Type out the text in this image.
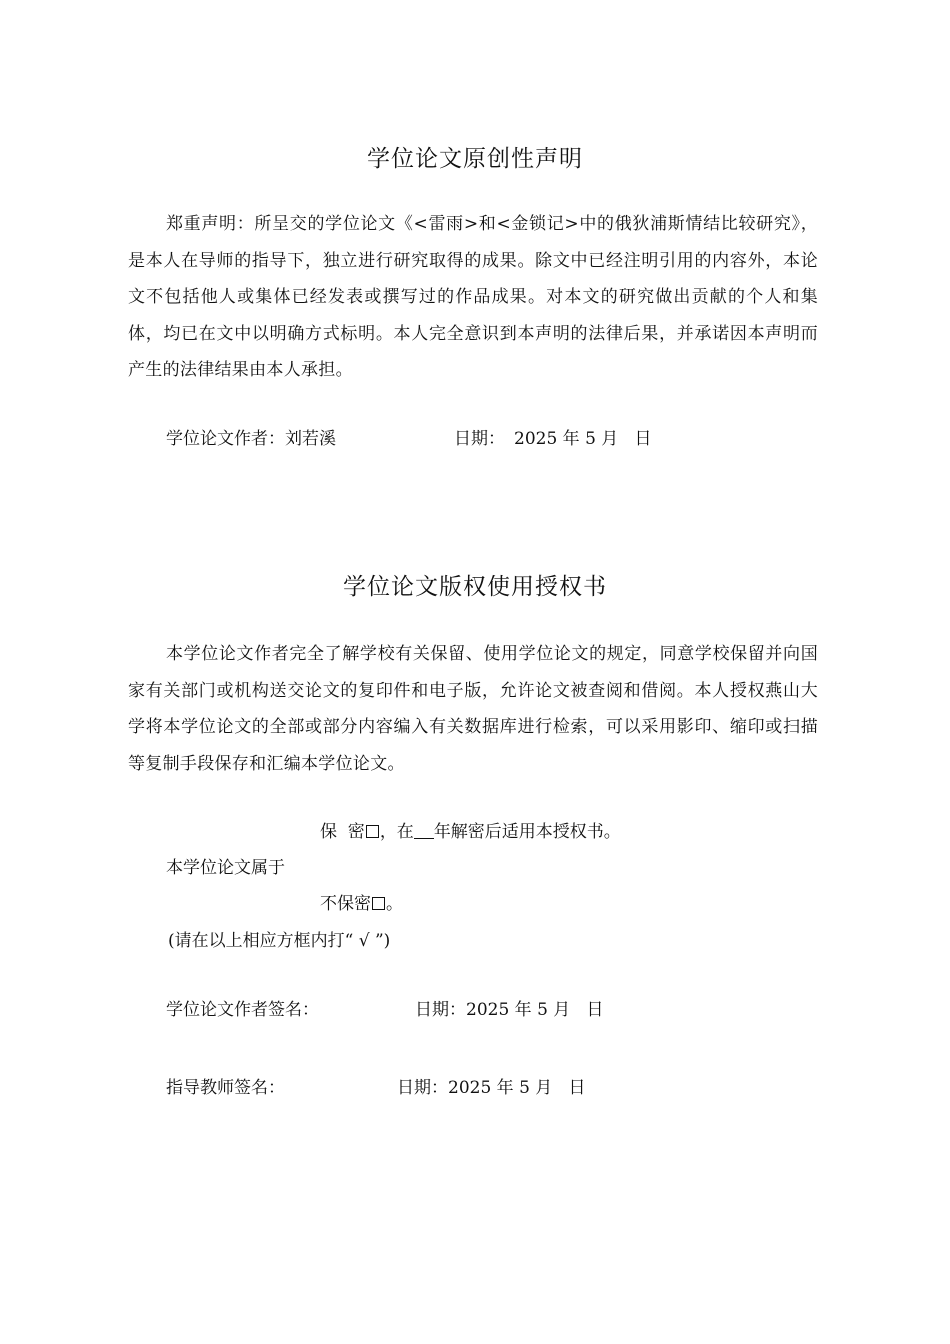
学位论文原创性声明

郑重声明：所呈交的学位论文《<雷雨>和<金锁记>中的俄狄浦斯情结比较研究》，是本人在导师的指导下，独立进行研究取得的成果。除文中已经注明引用的内容外，本论文不包括他人或集体已经发表或撰写过的作品成果。对本文的研究做出贡献的个人和集体，均已在文中以明确方式标明。本人完全意识到本声明的法律后果，并承诺因本声明而产生的法律结果由本人承担。

学位论文作者：刘若溪	日期： 2025 年 5 月   日
学位论文版权使用授权书

本学位论文作者完全了解学校有关保留、使用学位论文的规定，同意学校保留并向国家有关部门或机构送交论文的复印件和电子版，允许论文被查阅和借阅。本人授权燕山大学将本学位论文的全部或部分内容编入有关数据库进行检索，可以采用影印、缩印或扫描等复制手段保存和汇编本学位论文。

保  密 ，在 年解密后适用本授权书。
本学位论文属于
不保密 。
(请在以上相应方框内打“ √ ”)
学位论文作者签名：	日期：2025 年 5 月   日
指导教师签名：	日期：2025 年 5 月   日
